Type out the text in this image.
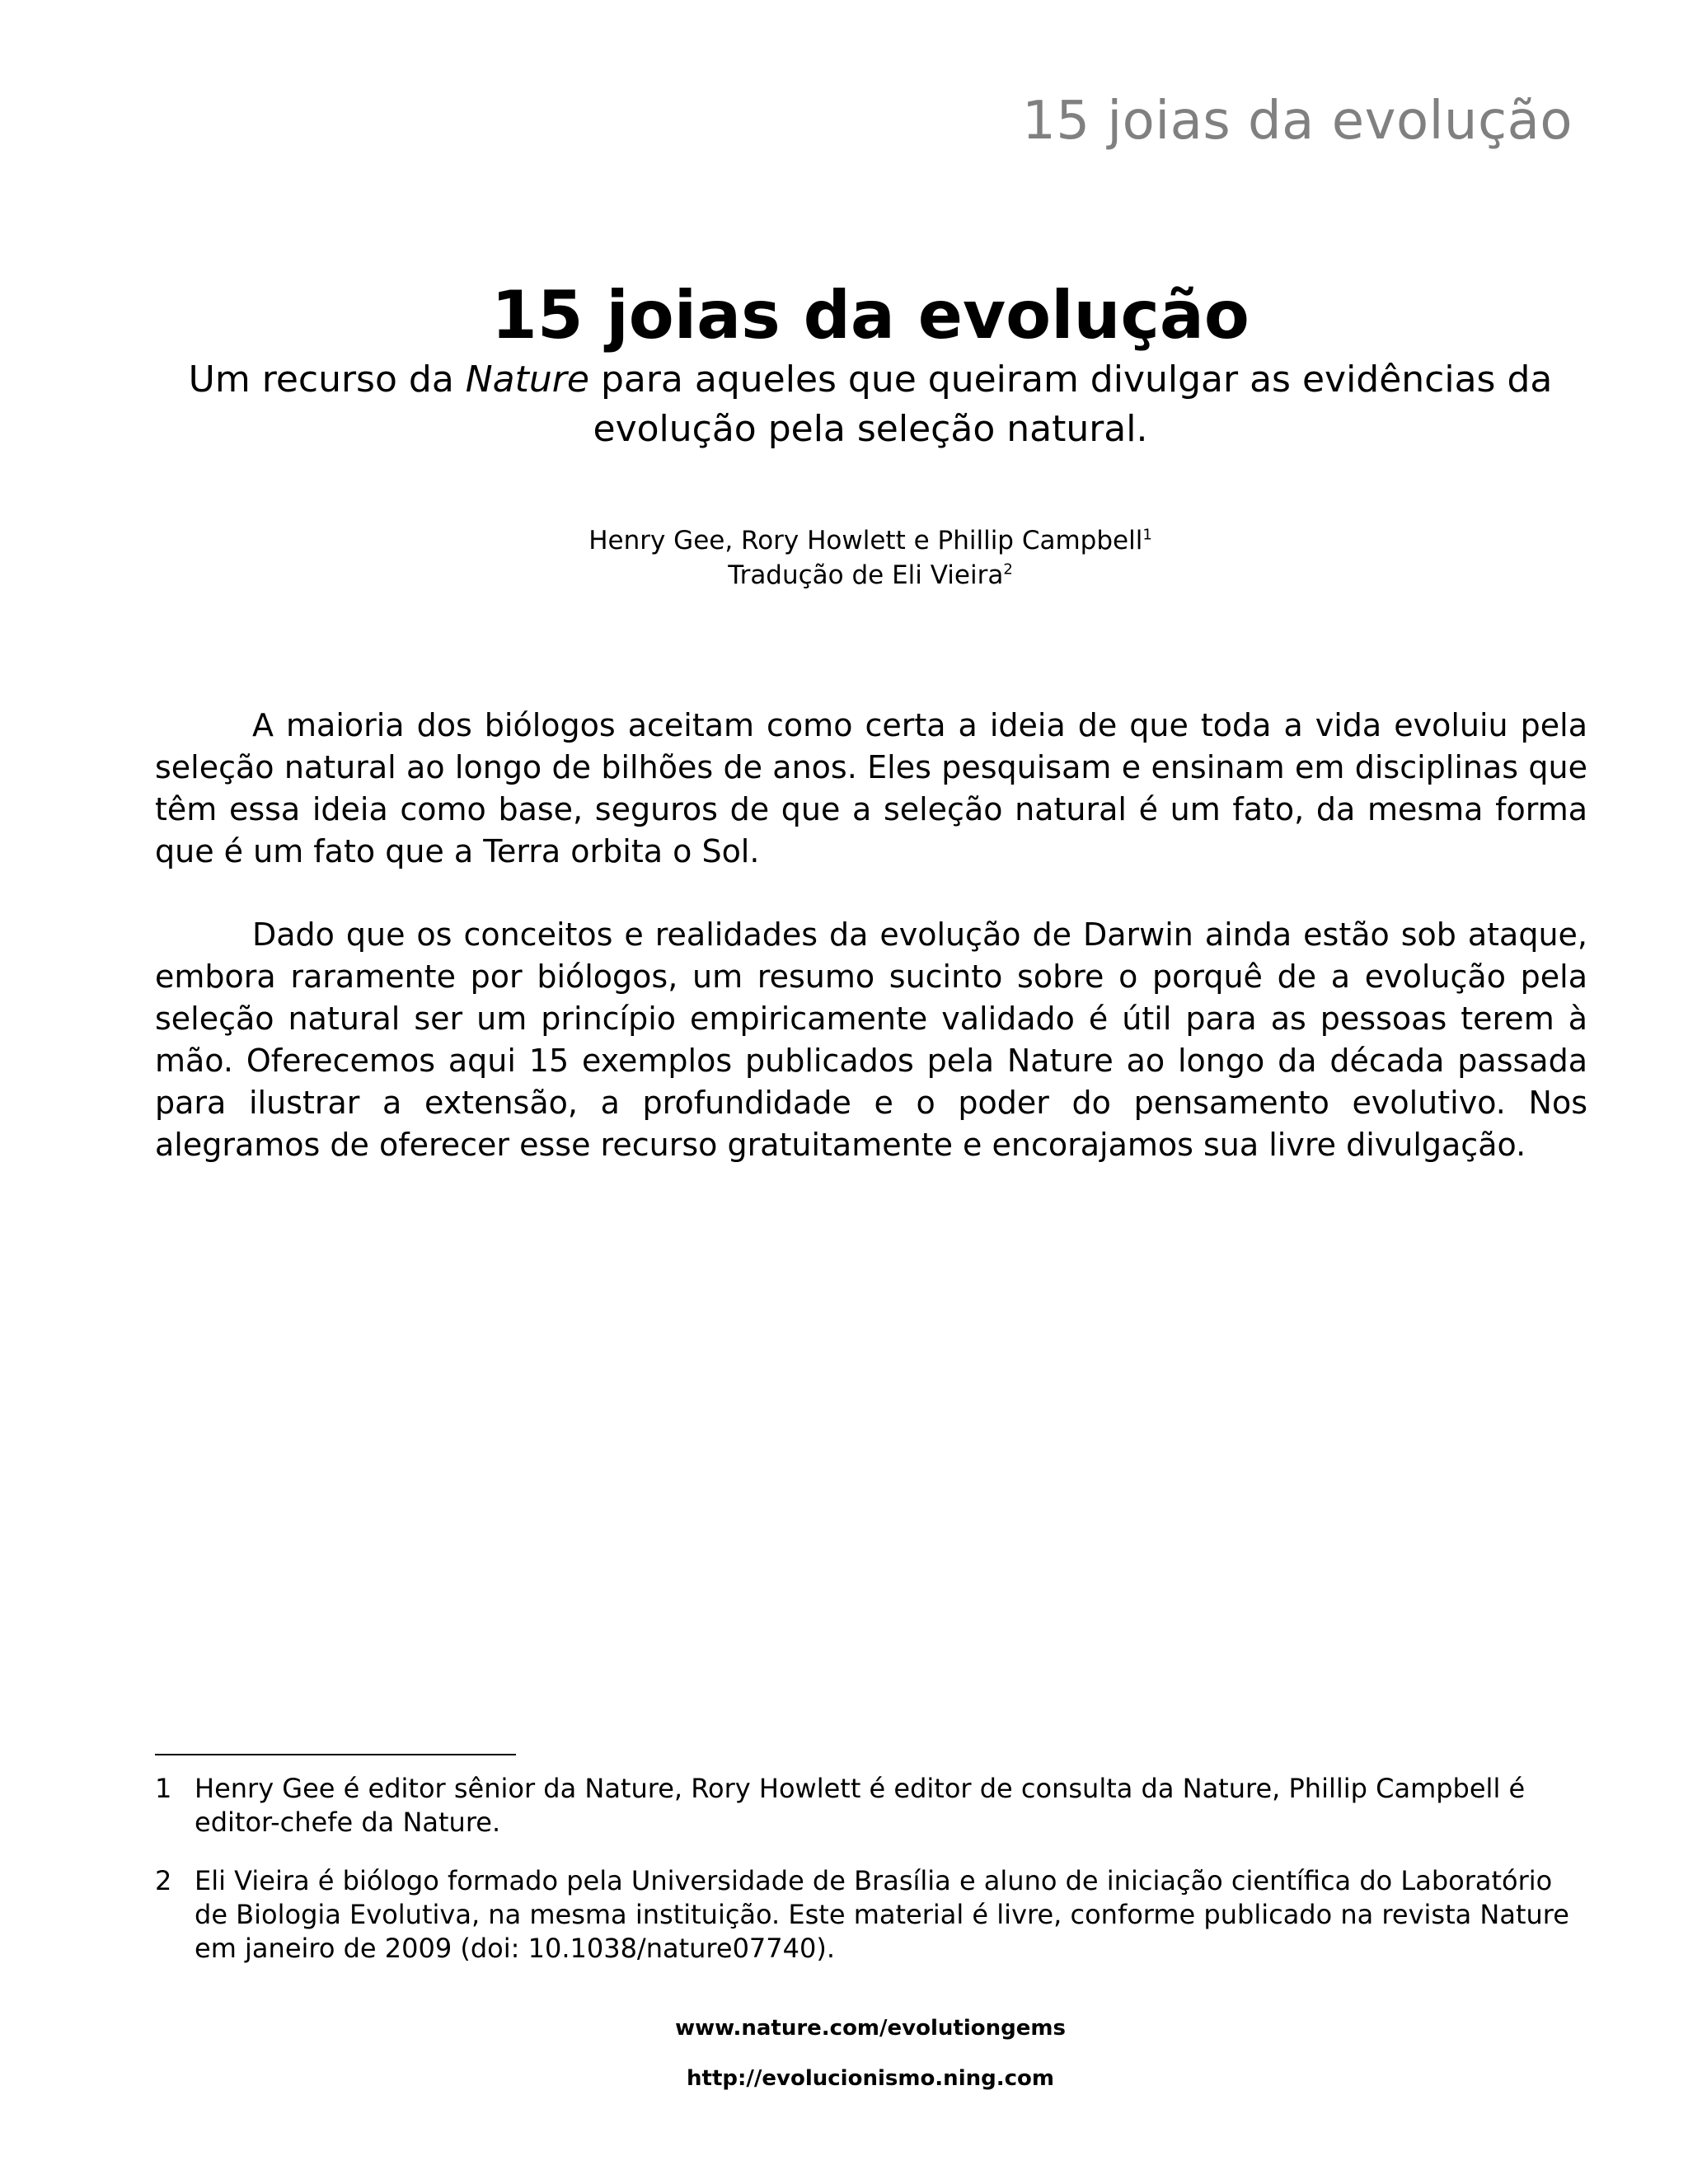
15 joias da evolução
15 joias da evolução
Um recurso da Nature para aqueles que queiram divulgar as evidências da evolução pela seleção natural.
Henry Gee, Rory Howlett e Phillip Campbell$^1$
Tradução de Eli Vieira$^2$

A maioria dos biólogos aceitam como certa a ideia de que toda a vida evoluiu pela seleção natural ao longo de bilhões de anos. Eles pesquisam e ensinam em disciplinas que têm essa ideia como base, seguros de que a seleção natural é um fato, da mesma forma que é um fato que a Terra orbita o Sol.

Dado que os conceitos e realidades da evolução de Darwin ainda estão sob ataque, embora raramente por biólogos, um resumo sucinto sobre o porquê de a evolução pela seleção natural ser um princípio empiricamente validado é útil para as pessoas terem à mão. Oferecemos aqui 15 exemplos publicados pela Nature ao longo da década passada para ilustrar a extensão, a profundidade e o poder do pensamento evolutivo. Nos alegramos de oferecer esse recurso gratuitamente e encorajamos sua livre divulgação.

1 Henry Gee é editor sênior da Nature, Rory Howlett é editor de consulta da Nature, Phillip Campbell é editor-chefe da Nature.
2 Eli Vieira é biólogo formado pela Universidade de Brasília e aluno de iniciação científica do Laboratório de Biologia Evolutiva, na mesma instituição. Este material é livre, conforme publicado na revista Nature em janeiro de 2009 (doi: 10.1038/nature07740).
www.nature.com/evolutiongems
http://evolucionismo.ning.com
